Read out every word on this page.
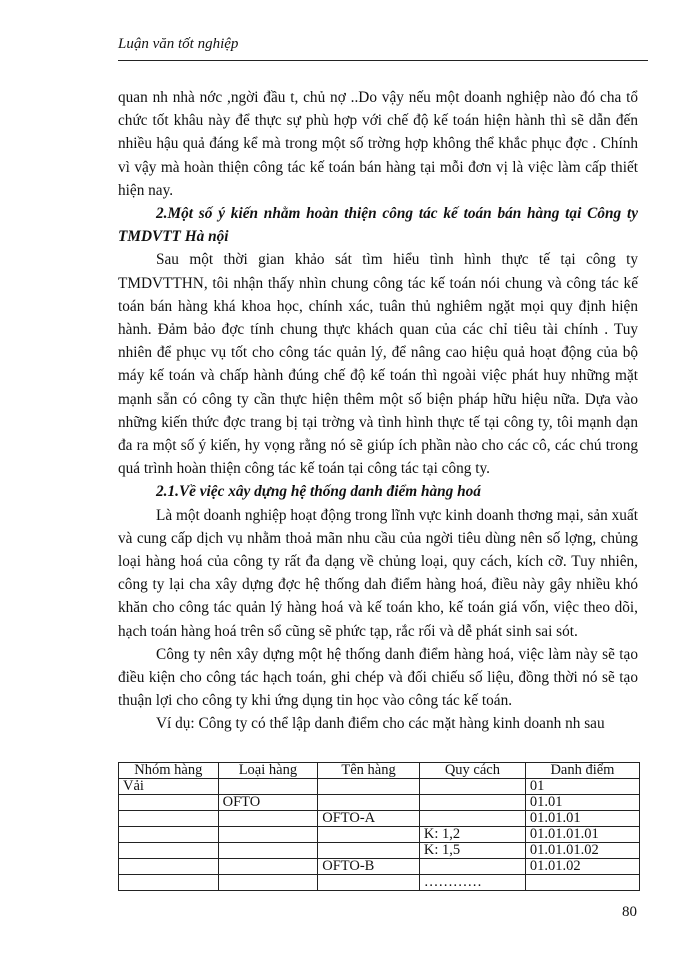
Luận văn tốt nghiệp

quan nh nhà nớc ,ngời đầu t, chủ nợ ..Do vậy nếu một doanh nghiệp nào đó cha tổ chức tốt khâu này để thực sự phù hợp với chế độ kế toán hiện hành thì sẽ dẫn đến nhiều hậu quả đáng kể mà trong một số trờng hợp không thể khắc phục đợc . Chính vì vậy mà hoàn thiện công tác kế toán bán hàng tại mỗi đơn vị là việc làm cấp thiết hiện nay.

2.Một số ý kiến nhằm hoàn thiện công tác kế toán bán hàng tại Công ty TMDVTT Hà nội

Sau một thời gian khảo sát tìm hiểu tình hình thực tế tại công ty TMDVTTHN, tôi nhận thấy nhìn chung công tác kế toán nói chung và công tác kế toán bán hàng khá khoa học, chính xác, tuân thủ nghiêm ngặt mọi quy định hiện hành. Đảm bảo đợc tính chung thực khách quan của các chỉ tiêu tài chính . Tuy nhiên để phục vụ tốt cho công tác quản lý, để nâng cao hiệu quả hoạt động của bộ máy kế toán và chấp hành đúng chế độ kế toán thì ngoài việc phát huy những mặt mạnh sẵn có công ty cần thực hiện thêm một số biện pháp hữu hiệu nữa. Dựa vào những kiến thức đợc trang bị tại trờng và tình hình thực tế tại công ty, tôi mạnh dạn đa ra một số ý kiến, hy vọng rằng nó sẽ giúp ích phần nào cho các cô, các chú trong quá trình hoàn thiện công tác kế toán tại công tác tại công ty.

2.1.Về việc xây dựng hệ thống danh điểm hàng hoá

Là một doanh nghiệp hoạt động trong lĩnh vực kinh doanh thơng mại, sản xuất và cung cấp dịch vụ nhằm thoả mãn nhu cầu của ngời tiêu dùng nên số lợng, chủng loại hàng hoá của công ty rất đa dạng về chủng loại, quy cách, kích cỡ. Tuy nhiên, công ty lại cha xây dựng đợc hệ thống dah điểm hàng hoá, điều này gây nhiều khó khăn cho công tác quản lý hàng hoá và kế toán kho, kế toán giá vốn, việc theo dõi, hạch toán hàng hoá trên sổ cũng sẽ phức tạp, rắc rối và dễ phát sinh sai sót.

Công ty nên xây dựng một hệ thống danh điểm hàng hoá, việc làm này sẽ tạo điều kiện cho công tác hạch toán, ghi chép và đối chiếu số liệu, đồng thời nó sẽ tạo thuận lợi cho công ty khi ứng dụng tin học vào công tác kế toán.

Ví dụ: Công ty có thể lập danh điểm cho các mặt hàng kinh doanh nh sau

Nhóm hàng	Loại hàng	Tên hàng	Quy cách	Danh điểm
Vải				01
	OFTO			01.01
		OFTO-A		01.01.01
			K: 1,2	01.01.01.01
			K: 1,5	01.01.01.02
		OFTO-B		01.01.02
			…………	
80
